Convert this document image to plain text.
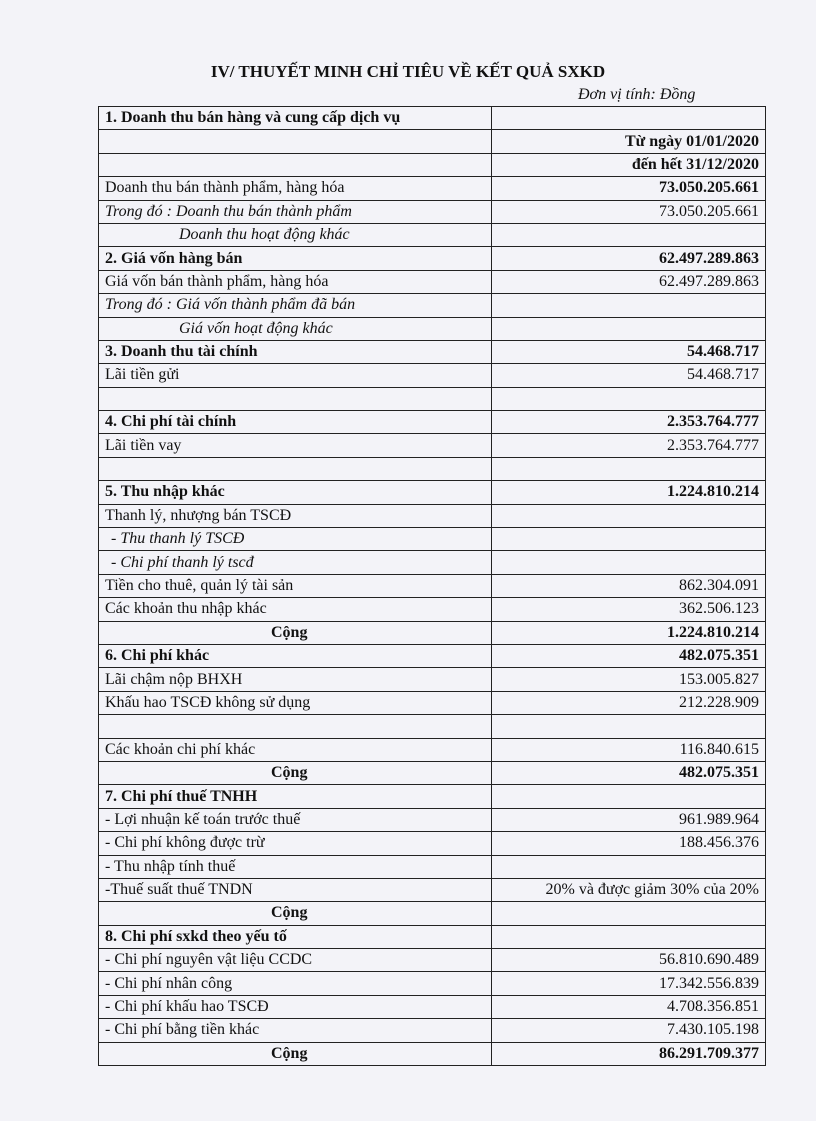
IV/ THUYẾT MINH CHỈ TIÊU VỀ KẾT QUẢ SXKD
Đơn vị tính: Đồng
1. Doanh thu bán hàng và cung cấp dịch vụ	
	Từ ngày 01/01/2020
	đến hết 31/12/2020
Doanh thu bán thành phẩm, hàng hóa	73.050.205.661
Trong đó : Doanh thu bán thành phẩm	73.050.205.661
Doanh thu hoạt động khác	
2. Giá vốn hàng bán	62.497.289.863
Giá vốn bán thành phẩm, hàng hóa	62.497.289.863
Trong đó : Giá vốn thành phẩm đã bán	
Giá vốn hoạt động khác	
3. Doanh thu tài chính	54.468.717
Lãi tiền gửi	54.468.717

4. Chi phí tài chính	2.353.764.777
Lãi tiền vay	2.353.764.777

5. Thu nhập khác	1.224.810.214
Thanh lý, nhượng bán TSCĐ	
- Thu thanh lý TSCĐ	
- Chi phí thanh lý tscđ	
Tiền cho thuê, quản lý tài sản	862.304.091
Các khoản thu nhập khác	362.506.123
Cộng	1.224.810.214
6. Chi phí khác	482.075.351
Lãi chậm nộp BHXH	153.005.827
Khấu hao TSCĐ không sử dụng	212.228.909

Các khoản chi phí khác	116.840.615
Cộng	482.075.351
7. Chi phí thuế TNHH	
- Lợi nhuận kế toán trước thuế	961.989.964
- Chi phí không được trừ	188.456.376
- Thu nhập tính thuế	
-Thuế suất thuế TNDN	20% và được giảm 30% của 20%
Cộng	
8. Chi phí sxkd theo yếu tố	
- Chi phí nguyên vật liệu CCDC	56.810.690.489
- Chi phí nhân công	17.342.556.839
- Chi phí khấu hao TSCĐ	4.708.356.851
- Chi phí bằng tiền khác	7.430.105.198
Cộng	86.291.709.377
